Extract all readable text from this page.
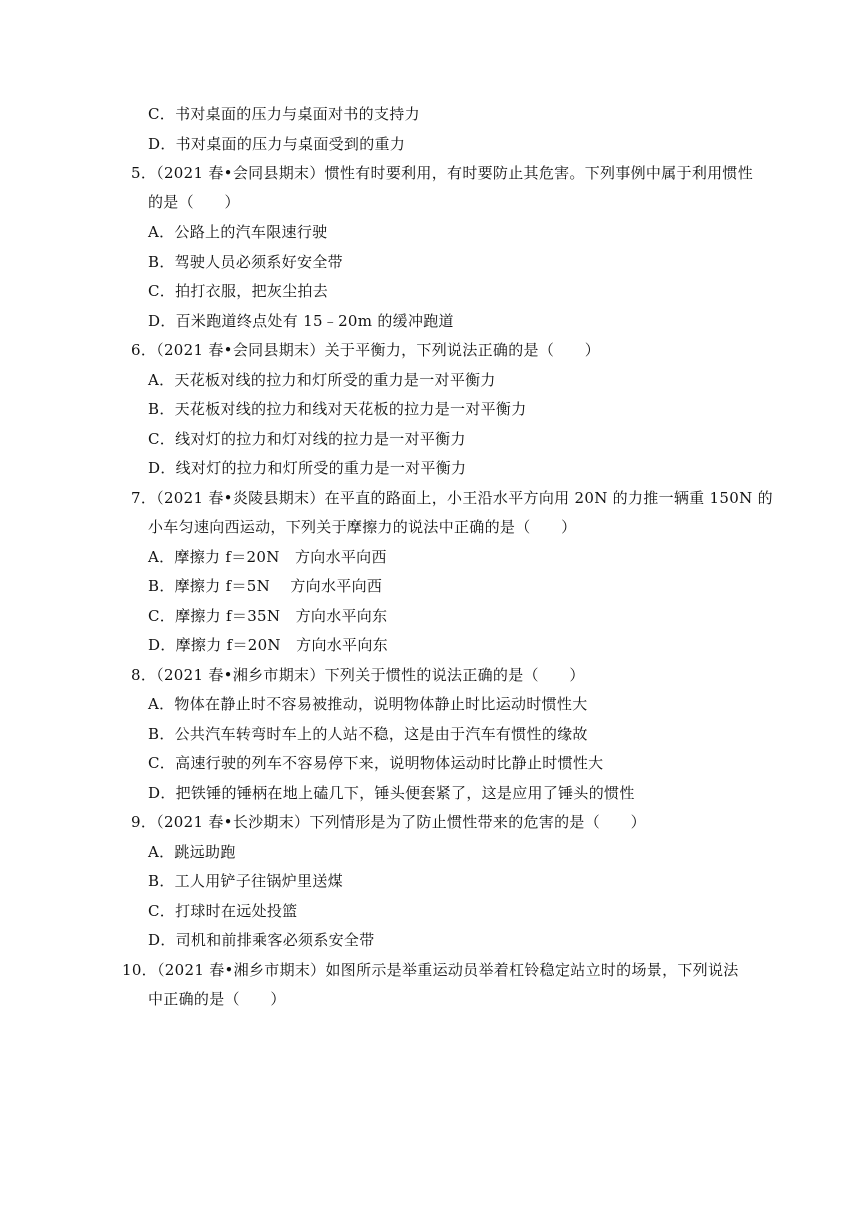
C．书对桌面的压力与桌面对书的支持力
D．书对桌面的压力与桌面受到的重力
5．（2021 春•会同县期末）惯性有时要利用，有时要防止其危害。下列事例中属于利用惯性
的是（　　）
A．公路上的汽车限速行驶
B．驾驶人员必须系好安全带
C．拍打衣服，把灰尘拍去
D．百米跑道终点处有 15﹣20m 的缓冲跑道
6．（2021 春•会同县期末）关于平衡力，下列说法正确的是（　　）
A．天花板对线的拉力和灯所受的重力是一对平衡力
B．天花板对线的拉力和线对天花板的拉力是一对平衡力
C．线对灯的拉力和灯对线的拉力是一对平衡力
D．线对灯的拉力和灯所受的重力是一对平衡力
7．（2021 春•炎陵县期末）在平直的路面上，小王沿水平方向用 20N 的力推一辆重 150N 的
小车匀速向西运动，下列关于摩擦力的说法中正确的是（　　）
A．摩擦力 f＝20N　方向水平向西
B．摩擦力 f＝5N　 方向水平向西
C．摩擦力 f＝35N　方向水平向东
D．摩擦力 f＝20N　方向水平向东
8．（2021 春•湘乡市期末）下列关于惯性的说法正确的是（　　）
A．物体在静止时不容易被推动，说明物体静止时比运动时惯性大
B．公共汽车转弯时车上的人站不稳，这是由于汽车有惯性的缘故
C．高速行驶的列车不容易停下来，说明物体运动时比静止时惯性大
D．把铁锤的锤柄在地上磕几下，锤头便套紧了，这是应用了锤头的惯性
9．（2021 春•长沙期末）下列情形是为了防止惯性带来的危害的是（　　）
A．跳远助跑
B．工人用铲子往锅炉里送煤
C．打球时在远处投篮
D．司机和前排乘客必须系安全带
10．（2021 春•湘乡市期末）如图所示是举重运动员举着杠铃稳定站立时的场景，下列说法
中正确的是（　　）
